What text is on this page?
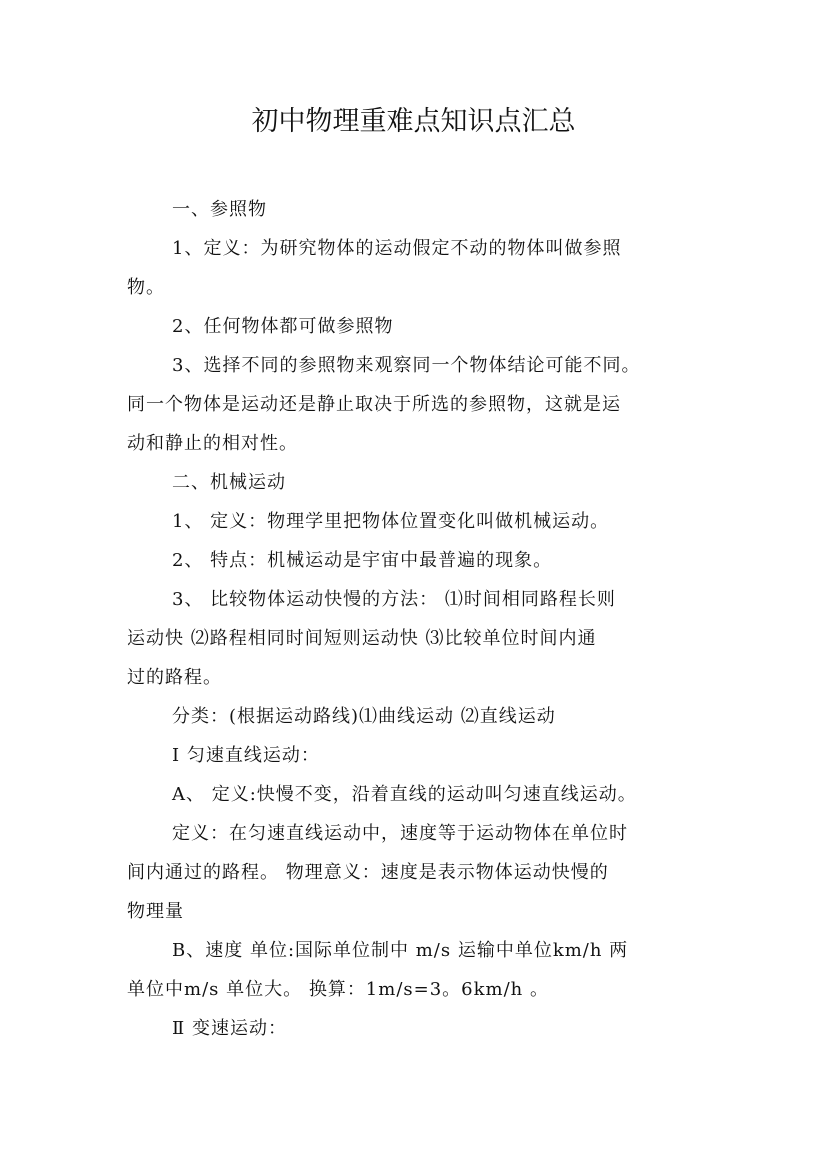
初中物理重难点知识点汇总
一、参照物
1、定义：为研究物体的运动假定不动的物体叫做参照
物。
2、任何物体都可做参照物
3、选择不同的参照物来观察同一个物体结论可能不同。
同一个物体是运动还是静止取决于所选的参照物，这就是运
动和静止的相对性。
二、机械运动
1、 定义：物理学里把物体位置变化叫做机械运动。
2、 特点：机械运动是宇宙中最普遍的现象。
3、 比较物体运动快慢的方法： ⑴时间相同路程长则
运动快 ⑵路程相同时间短则运动快 ⑶比较单位时间内通
过的路程。
分类：(根据运动路线)⑴曲线运动 ⑵直线运动
Ⅰ 匀速直线运动：
A、 定义:快慢不变，沿着直线的运动叫匀速直线运动。
定义：在匀速直线运动中，速度等于运动物体在单位时
间内通过的路程。 物理意义：速度是表示物体运动快慢的
物理量
B、速度 单位:国际单位制中 m/s 运输中单位km/h 两
单位中m/s 单位大。 换算：1m/s=3。6km/h 。
Ⅱ 变速运动：
